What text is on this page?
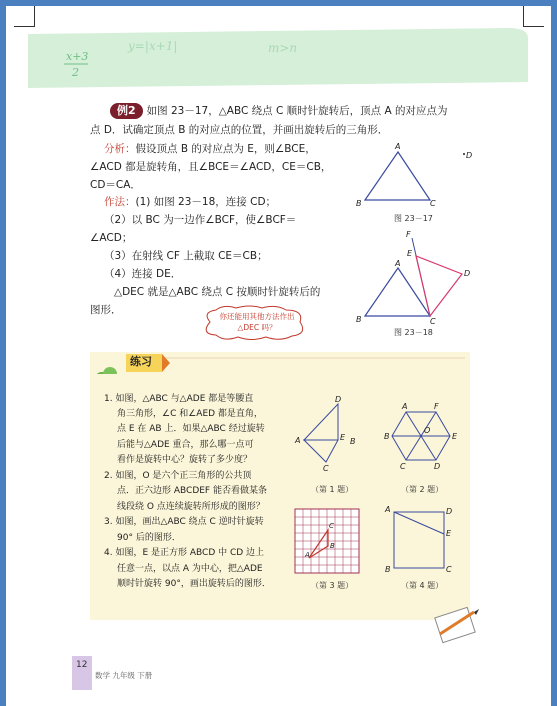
x+3
2
y=|x+1|	m>n
例2 如图 23－17，△ABC 绕点 C 顺时针旋转后，顶点 A 的对应点为
点 D．试确定顶点 B 的对应点的位置，并画出旋转后的三角形．
分析：假设顶点 B 的对应点为 E，则∠BCE，
∠ACD 都是旋转角，且∠BCE＝∠ACD，CE＝CB，
CD＝CA．
作法：(1) 如图 23－18，连接 CD；
（2）以 BC 为一边作∠BCF，使∠BCF＝
∠ACD；
（3）在射线 CF 上截取 CE＝CB；
（4）连接 DE．
△DEC 就是△ABC 绕点 C 按顺时针旋转后的
图形．
A
B	C
D
图 23－17
F
E
A
D
B	C
图 23－18
你还能用其他方法作出△DEC 吗？
练习
1. 如图，△ABC 与△ADE 都是等腰直
角三角形，∠C 和∠AED 都是直角，
点 E 在 AB 上．如果△ABC 经过旋转
后能与△ADE 重合，那么哪一点可
看作是旋转中心？旋转了多少度？
2. 如图，O 是六个正三角形的公共顶
点．正六边形 ABCDEF 能否看做某条
线段绕 O 点连续旋转所形成的图形？
3. 如图，画出△ABC 绕点 C 逆时针旋转
90° 后的图形．
4. 如图，E 是正方形 ABCD 中 CD 边上
任意一点，以点 A 为中心，把△ADE
顺时针旋转 90°，画出旋转后的图形．
D
A	E B
C
（第 1 题）
A	F
B
O
E
C	D
（第 2 题）
A
B
C
（第 3 题）
A	D
E
B	C
（第 4 题）
12
数学 九年级 下册
